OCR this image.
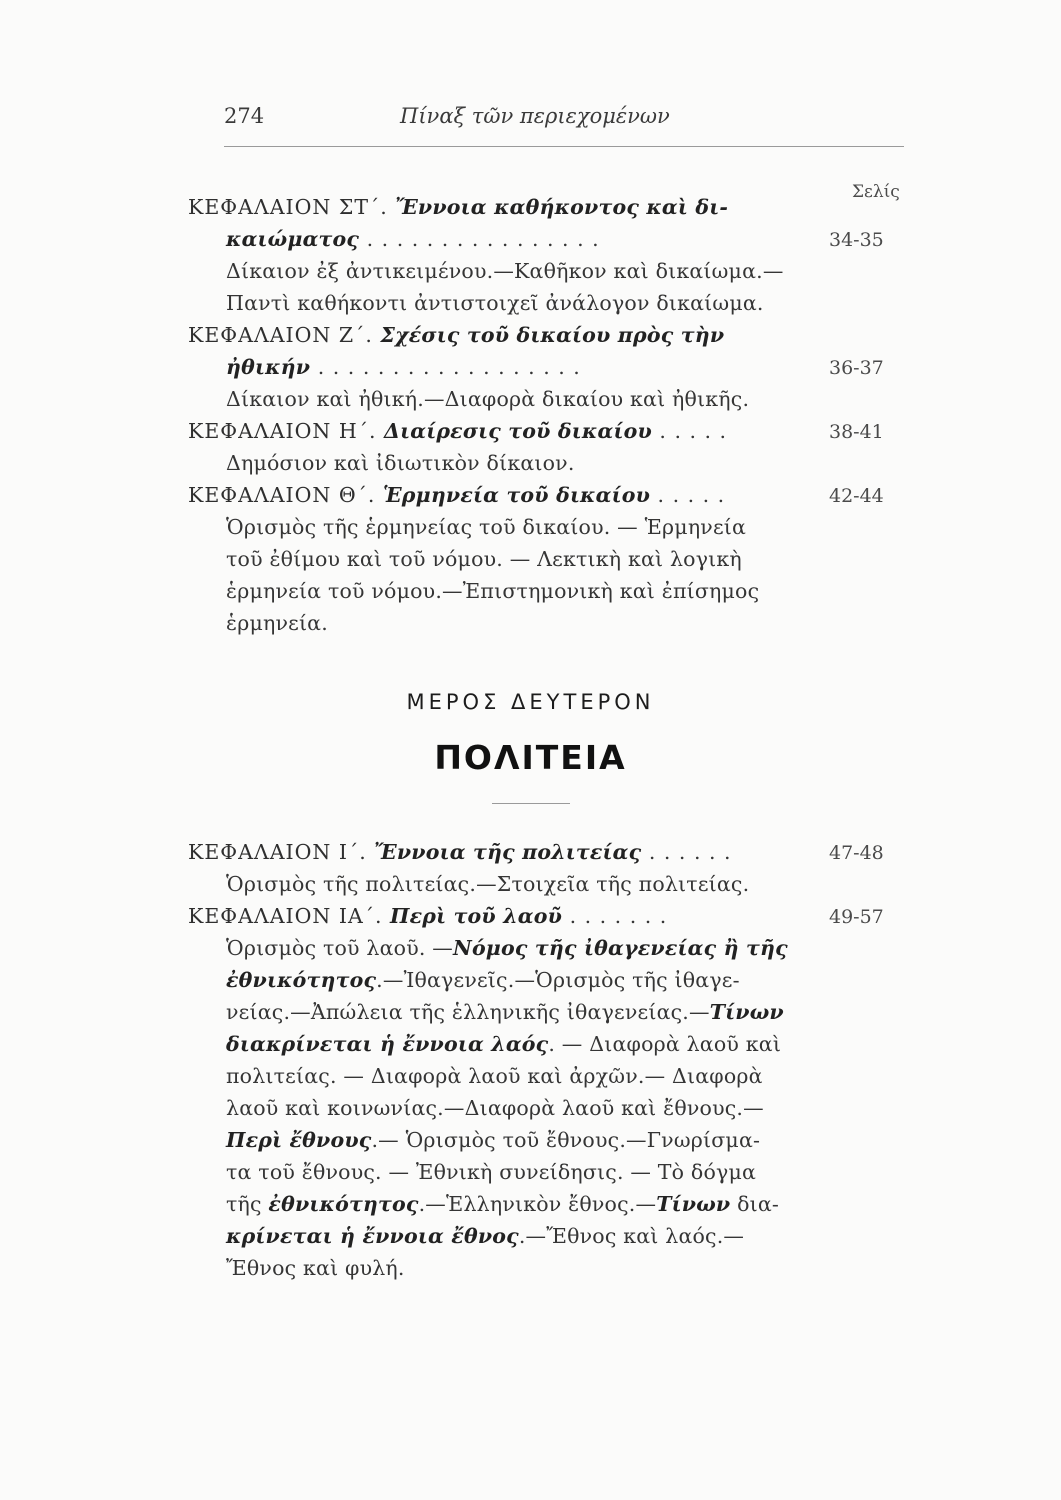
274	Πίναξ τῶν περιεχομένων
Σελίς
ΚΕΦΑΛΑΙΟΝ ΣΤ΄. Ἔννοια καθήκοντος καὶ δι-
καιώματος . . . . . . . . . . . . . . . .	34-35
Δίκαιον ἐξ ἀντικειμένου.—Καθῆκον καὶ δικαίωμα.—
Παντὶ καθήκοντι ἀντιστοιχεῖ ἀνάλογον δικαίωμα.
ΚΕΦΑΛΑΙΟΝ Ζ΄. Σχέσις τοῦ δικαίου πρὸς τὴν
ἠθικήν . . . . . . . . . . . . . . . . . .	36-37
Δίκαιον καὶ ἠθική.—Διαφορὰ δικαίου καὶ ἠθικῆς.
ΚΕΦΑΛΑΙΟΝ Η΄. Διαίρεσις τοῦ δικαίου . . . . .	38-41
Δημόσιον καὶ ἰδιωτικὸν δίκαιον.
ΚΕΦΑΛΑΙΟΝ Θ΄. Ἑρμηνεία τοῦ δικαίου . . . . .	42-44
Ὁρισμὸς τῆς ἑρμηνείας τοῦ δικαίου. — Ἑρμηνεία
τοῦ ἐθίμου καὶ τοῦ νόμου. — Λεκτικὴ καὶ λογικὴ
ἑρμηνεία τοῦ νόμου.—Ἐπιστημονικὴ καὶ ἐπίσημος
ἑρμηνεία.
ΜΕΡΟΣ ΔΕΥΤΕΡΟΝ
ΠΟΛΙΤΕΙΑ
ΚΕΦΑΛΑΙΟΝ Ι΄. Ἔννοια τῆς πολιτείας . . . . . .	47-48
Ὁρισμὸς τῆς πολιτείας.—Στοιχεῖα τῆς πολιτείας.
ΚΕΦΑΛΑΙΟΝ ΙΑ΄. Περὶ τοῦ λαοῦ . . . . . . .	49-57
Ὁρισμὸς τοῦ λαοῦ. —Νόμος τῆς ἰθαγενείας ἢ τῆς
ἐθνικότητος.—Ἰθαγενεῖς.—Ὁρισμὸς τῆς ἰθαγε-
νείας.—Ἀπώλεια τῆς ἑλληνικῆς ἰθαγενείας.—Τίνων
διακρίνεται ἡ ἔννοια λαός. — Διαφορὰ λαοῦ καὶ
πολιτείας. — Διαφορὰ λαοῦ καὶ ἀρχῶν.— Διαφορὰ
λαοῦ καὶ κοινωνίας.—Διαφορὰ λαοῦ καὶ ἔθνους.—
Περὶ ἔθνους.— Ὁρισμὸς τοῦ ἔθνους.—Γνωρίσμα-
τα τοῦ ἔθνους. — Ἐθνικὴ συνείδησις. — Τὸ δόγμα
τῆς ἐθνικότητος.—Ἑλληνικὸν ἔθνος.—Τίνων δια-
κρίνεται ἡ ἔννοια ἔθνος.—Ἔθνος καὶ λαός.—
Ἔθνος καὶ φυλή.
